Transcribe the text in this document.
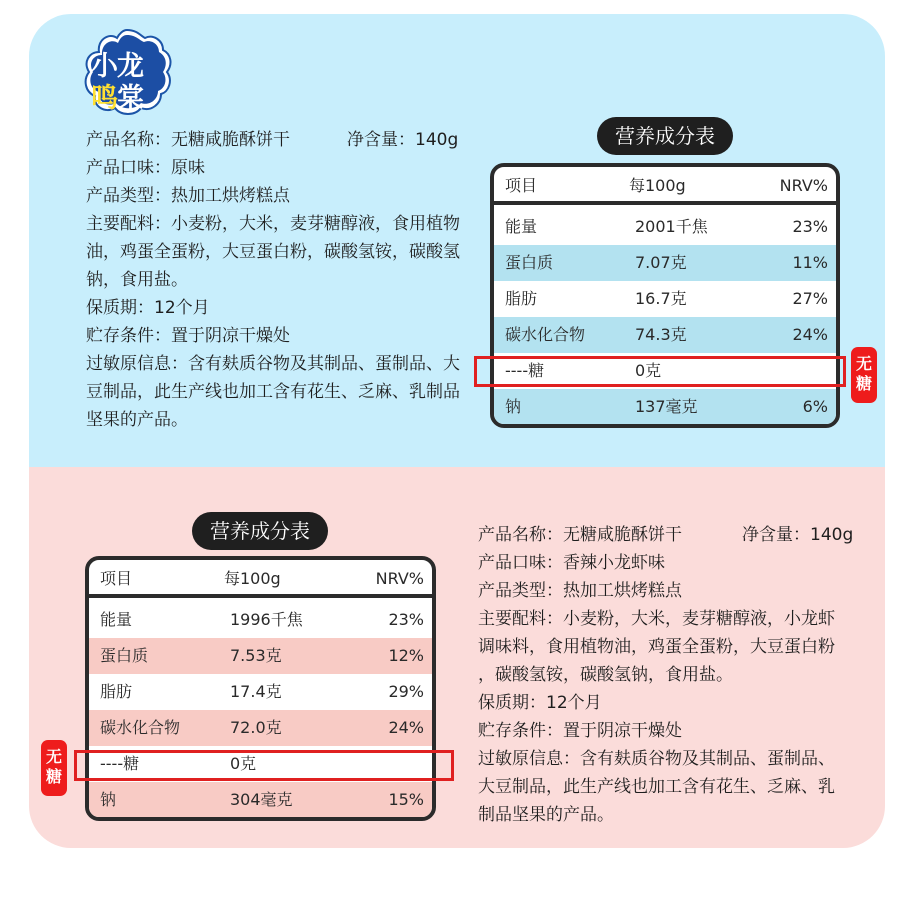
小龙
鸣棠
产品名称：无糖咸脆酥饼干
产品口味：原味
产品类型：热加工烘烤糕点
主要配料：小麦粉，大米，麦芽糖醇液，食用植物油，鸡蛋全蛋粉，大豆蛋白粉，碳酸氢铵，碳酸氢钠，食用盐。
保质期：12个月
贮存条件：置于阴凉干燥处
过敏原信息：含有麸质谷物及其制品、蛋制品、大豆制品，此生产线也加工含有花生、乏麻、乳制品坚果的产品。
净含量：140g	营养成分表
项目	每100g	NRV%
能量	2001千焦	23%
蛋白质	7.07克	11%
脂肪	16.7克	27%
碳水化合物	74.3克	24%
----糖	0克
钠	137毫克	6%
无
糖
营养成分表
项目	每100g	NRV%
能量	1996千焦	23%
蛋白质	7.53克	12%
脂肪	17.4克	29%
碳水化合物	72.0克	24%
----糖	0克
钠	304毫克	15%
无
糖
产品名称：无糖咸脆酥饼干
产品口味：香辣小龙虾味
产品类型：热加工烘烤糕点
主要配料：小麦粉，大米，麦芽糖醇液，小龙虾
调味料，食用植物油，鸡蛋全蛋粉，大豆蛋白粉
，碳酸氢铵，碳酸氢钠，食用盐。
保质期：12个月
贮存条件：置于阴凉干燥处
过敏原信息：含有麸质谷物及其制品、蛋制品、
大豆制品，此生产线也加工含有花生、乏麻、乳
制品坚果的产品。
净含量：140g
